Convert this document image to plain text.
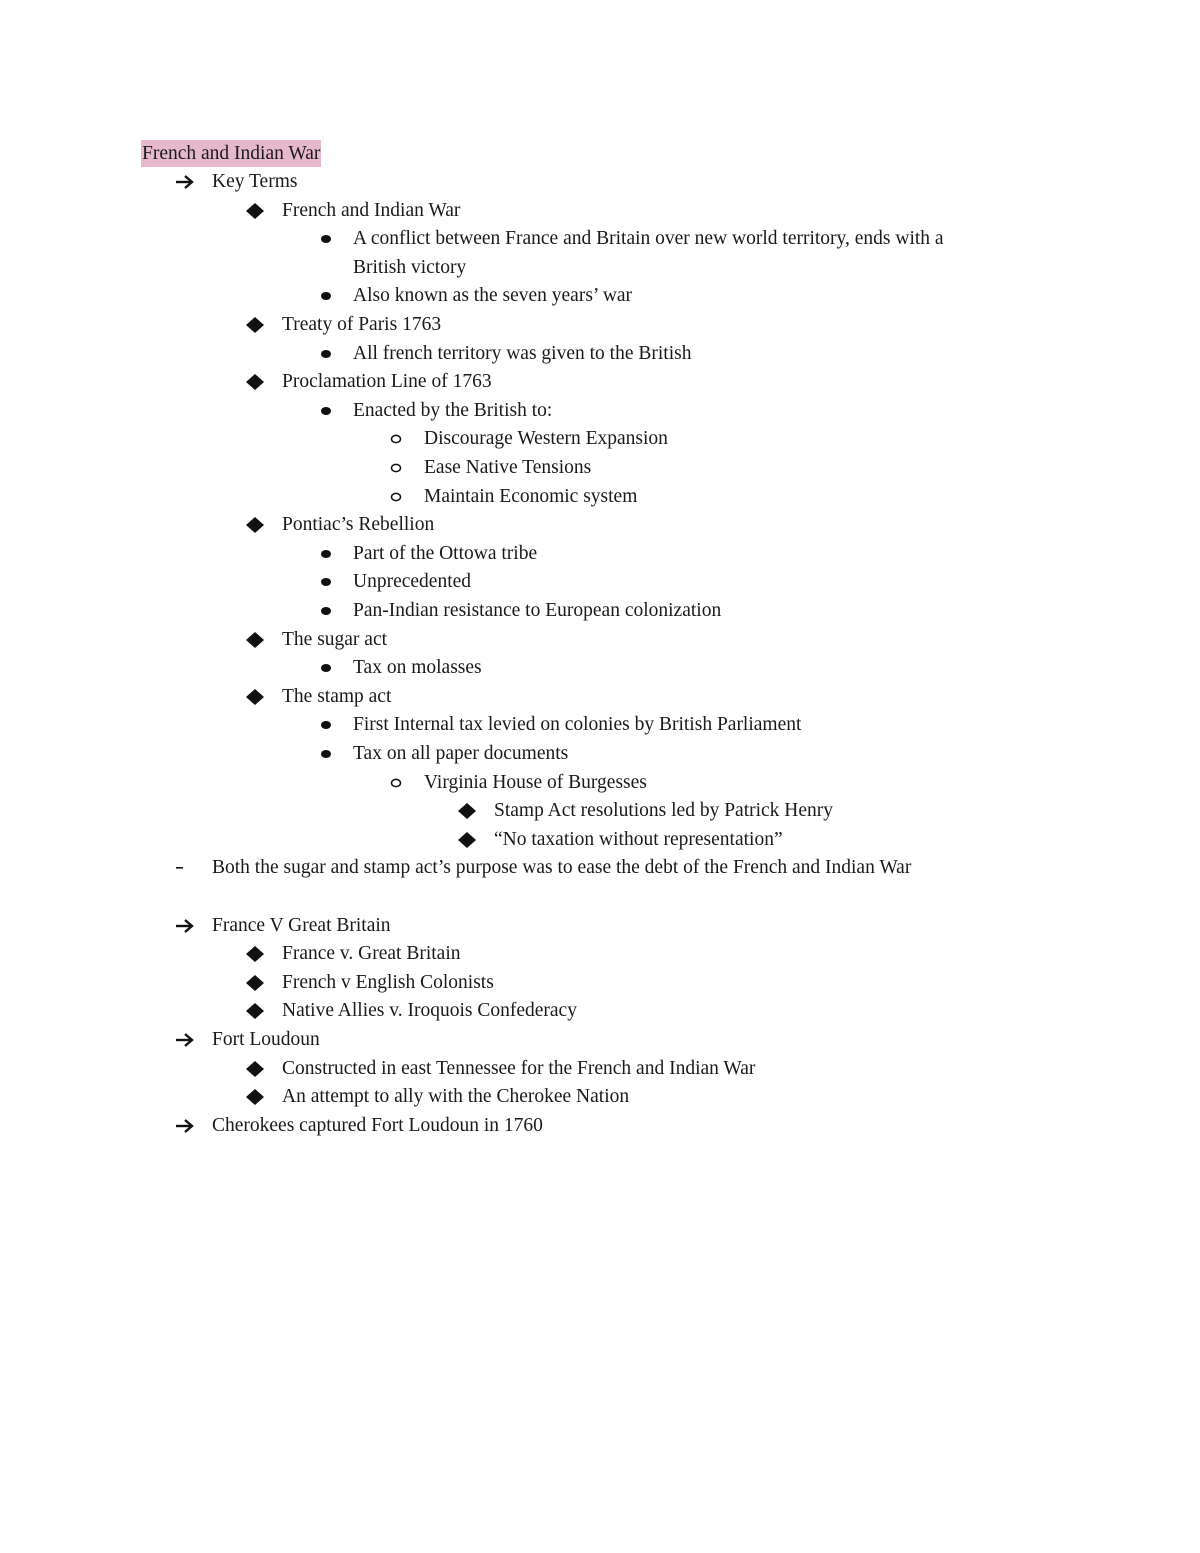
French and Indian War
Key Terms
French and Indian War
A conflict between France and Britain over new world territory, ends with a
British victory
Also known as the seven years’ war
Treaty of Paris 1763
All french territory was given to the British
Proclamation Line of 1763
Enacted by the British to:
Discourage Western Expansion
Ease Native Tensions
Maintain Economic system
Pontiac’s Rebellion
Part of the Ottowa tribe
Unprecedented
Pan-Indian resistance to European colonization
The sugar act
Tax on molasses
The stamp act
First Internal tax levied on colonies by British Parliament
Tax on all paper documents
Virginia House of Burgesses
Stamp Act resolutions led by Patrick Henry
“No taxation without representation”
Both the sugar and stamp act’s purpose was to ease the debt of the French and Indian War
France V Great Britain
France v. Great Britain
French v English Colonists
Native Allies v. Iroquois Confederacy
Fort Loudoun
Constructed in east Tennessee for the French and Indian War
An attempt to ally with the Cherokee Nation
Cherokees captured Fort Loudoun in 1760
